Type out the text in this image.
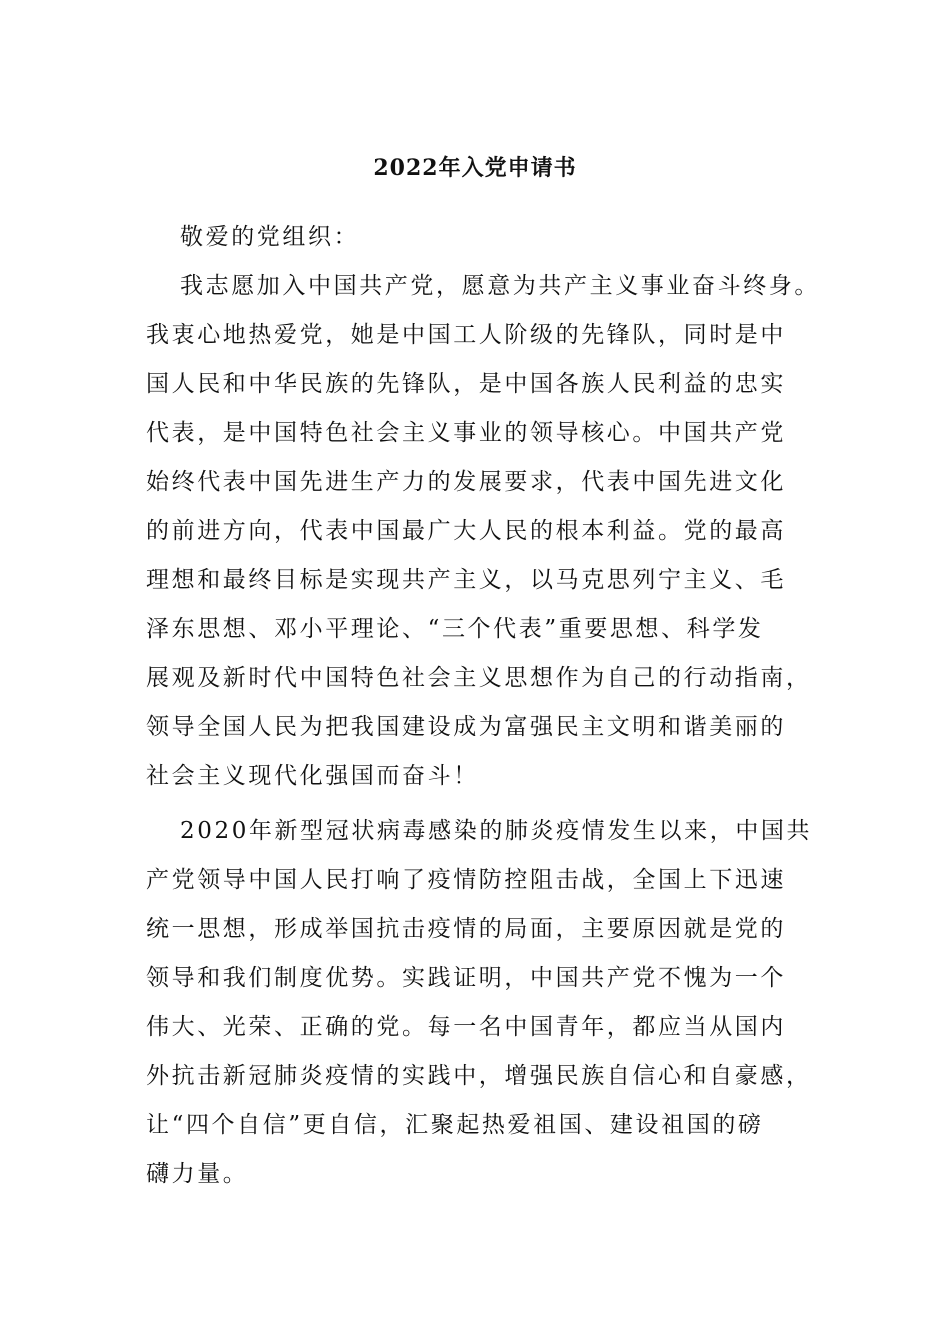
2022年入党申请书
敬爱的党组织：
我志愿加入中国共产党，愿意为共产主义事业奋斗终身。
我衷心地热爱党，她是中国工人阶级的先锋队，同时是中
国人民和中华民族的先锋队，是中国各族人民利益的忠实
代表，是中国特色社会主义事业的领导核心。中国共产党
始终代表中国先进生产力的发展要求，代表中国先进文化
的前进方向，代表中国最广大人民的根本利益。党的最高
理想和最终目标是实现共产主义，以马克思列宁主义、毛
泽东思想、邓小平理论、“三个代表”重要思想、科学发
展观及新时代中国特色社会主义思想作为自己的行动指南，
领导全国人民为把我国建设成为富强民主文明和谐美丽的
社会主义现代化强国而奋斗！
2020年新型冠状病毒感染的肺炎疫情发生以来，中国共
产党领导中国人民打响了疫情防控阻击战，全国上下迅速
统一思想，形成举国抗击疫情的局面，主要原因就是党的
领导和我们制度优势。实践证明，中国共产党不愧为一个
伟大、光荣、正确的党。每一名中国青年，都应当从国内
外抗击新冠肺炎疫情的实践中，增强民族自信心和自豪感，
让“四个自信”更自信，汇聚起热爱祖国、建设祖国的磅
礴力量。
